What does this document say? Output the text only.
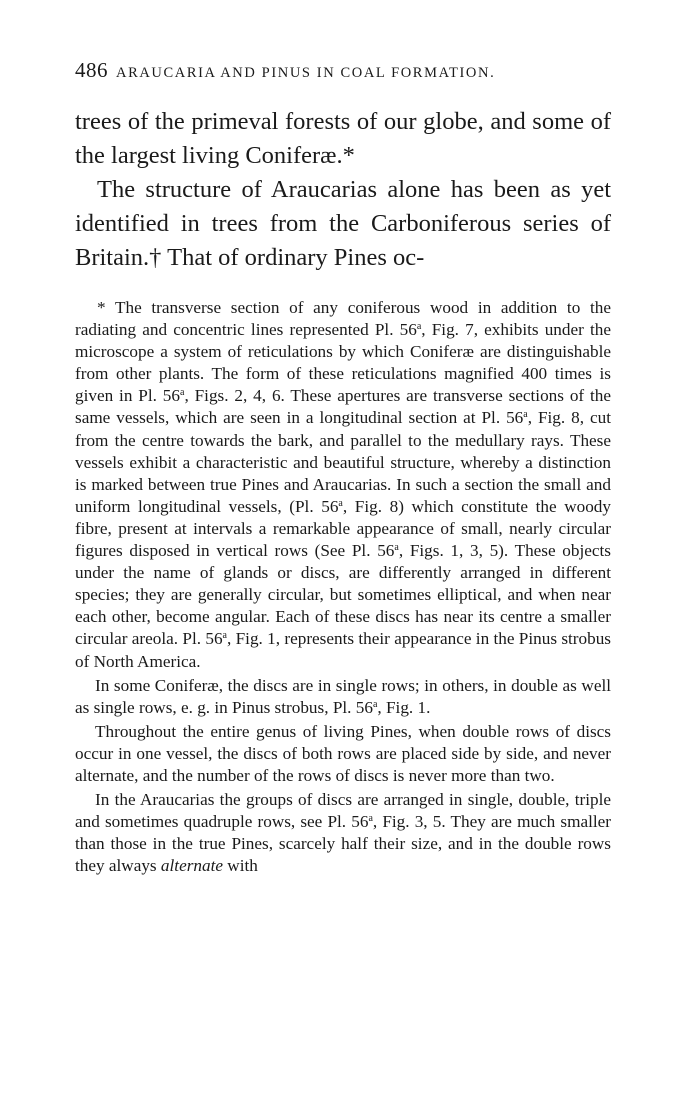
486 ARAUCARIA AND PINUS IN COAL FORMATION.

trees of the primeval forests of our globe, and some of the largest living Coniferæ.*

The structure of Araucarias alone has been as yet identified in trees from the Carboniferous series of Britain.† That of ordinary Pines oc-

* The transverse section of any coniferous wood in addition to the radiating and concentric lines represented Pl. 56$^a$, Fig. 7, exhibits under the microscope a system of reticulations by which Coniferæ are distinguishable from other plants. The form of these reticulations magnified 400 times is given in Pl. 56$^a$, Figs. 2, 4, 6. These apertures are transverse sections of the same vessels, which are seen in a longitudinal section at Pl. 56$^a$, Fig. 8, cut from the centre towards the bark, and parallel to the medullary rays. These vessels exhibit a characteristic and beautiful structure, whereby a distinction is marked between true Pines and Araucarias. In such a section the small and uniform longitudinal vessels, (Pl. 56$^a$, Fig. 8) which constitute the woody fibre, present at intervals a remarkable appearance of small, nearly circular figures disposed in vertical rows (See Pl. 56$^a$, Figs. 1, 3, 5). These objects under the name of glands or discs, are differently arranged in different species; they are generally circular, but sometimes elliptical, and when near each other, become angular. Each of these discs has near its centre a smaller circular areola. Pl. 56$^a$, Fig. 1, represents their appearance in the Pinus strobus of North America.

In some Coniferæ, the discs are in single rows; in others, in double as well as single rows, e. g. in Pinus strobus, Pl. 56$^a$, Fig. 1.

Throughout the entire genus of living Pines, when double rows of discs occur in one vessel, the discs of both rows are placed side by side, and never alternate, and the number of the rows of discs is never more than two.

In the Araucarias the groups of discs are arranged in single, double, triple and sometimes quadruple rows, see Pl. 56$^a$, Fig. 3, 5. They are much smaller than those in the true Pines, scarcely half their size, and in the double rows they always alternate with
